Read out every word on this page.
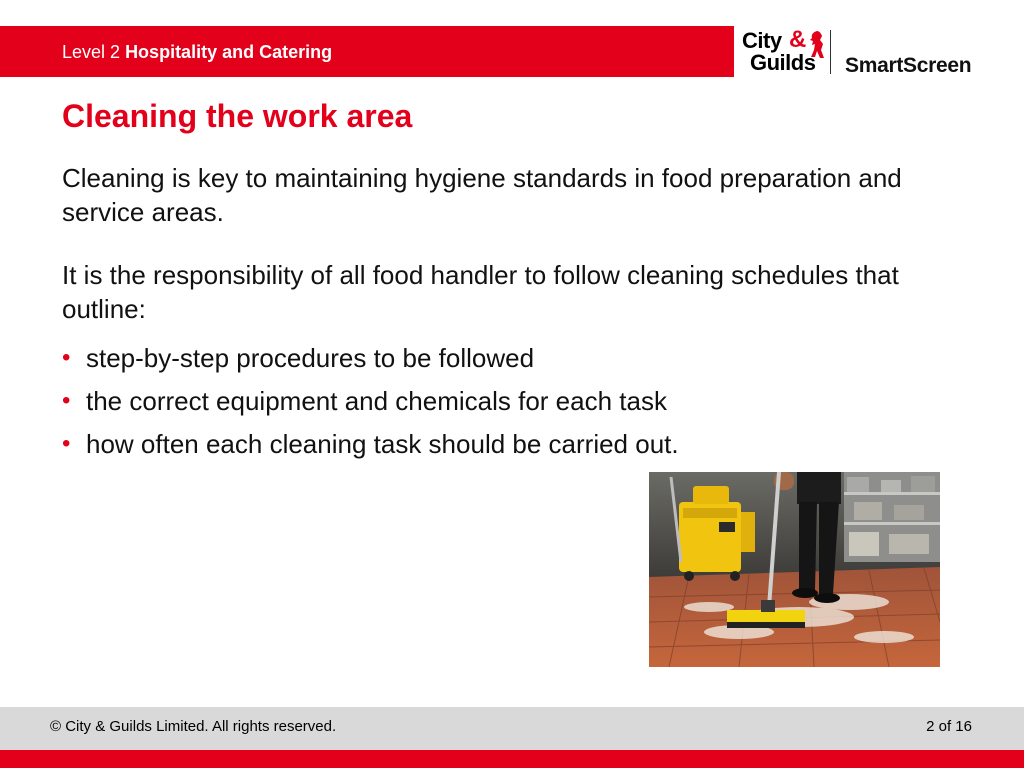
Level 2 Hospitality and Catering	City &
Guilds SmartScreen
Cleaning the work area
Cleaning is key to maintaining hygiene standards in food preparation and service areas.
It is the responsibility of all food handler to follow cleaning schedules that outline:
• step-by-step procedures to be followed
• the correct equipment and chemicals for each task
• how often each cleaning task should be carried out.
© City & Guilds Limited. All rights reserved.	2 of 16
